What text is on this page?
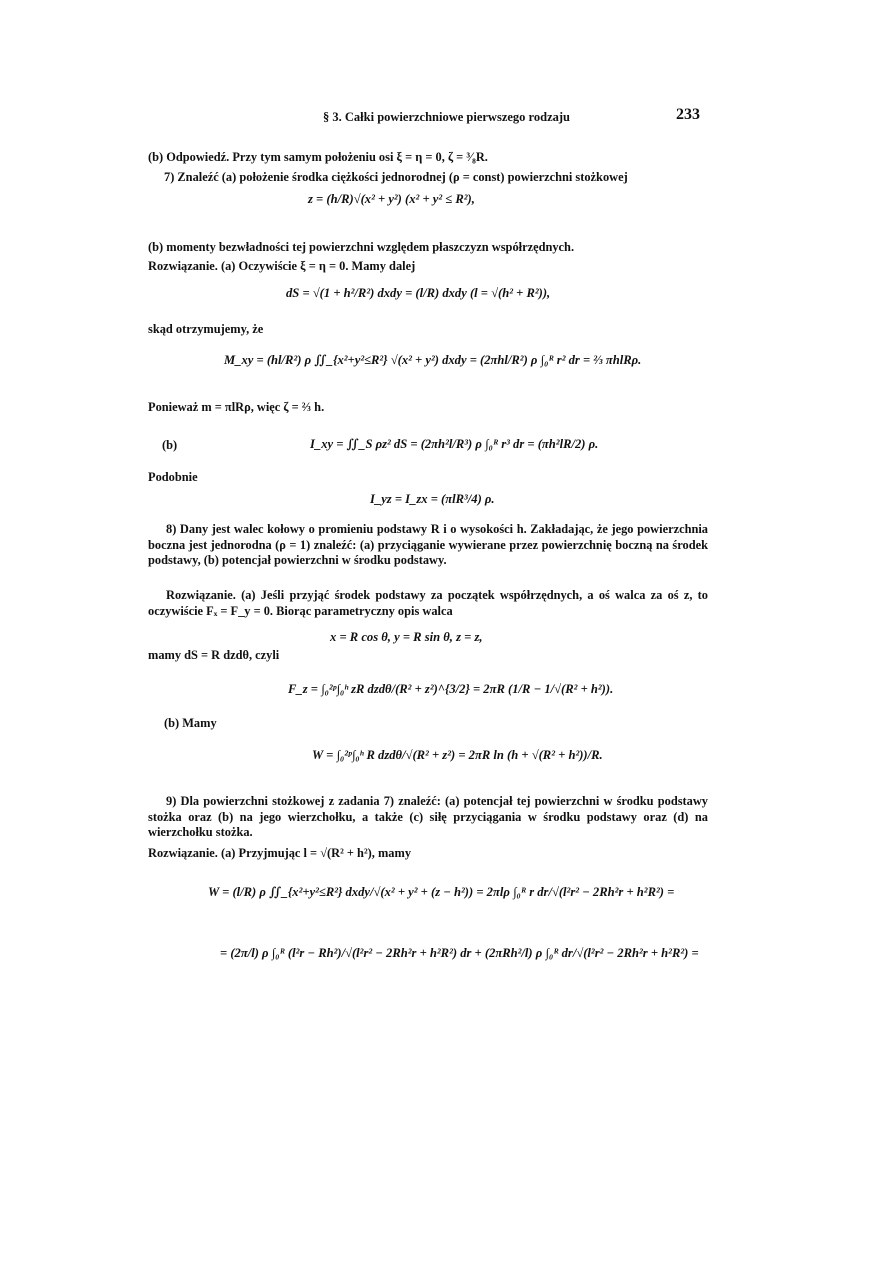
§ 3. Całki powierzchniowe pierwszego rodzaju	233
(b) Odpowiedź. Przy tym samym położeniu osi ξ = η = 0, ζ = ³⁄₈R.
7) Znaleźć (a) położenie środka ciężkości jednorodnej (ρ = const) powierzchni stożkowej
z = (h/R)√(x² + y²) (x² + y² ≤ R²),
(b) momenty bezwładności tej powierzchni względem płaszczyzn współrzędnych.
Rozwiązanie. (a) Oczywiście ξ = η = 0. Mamy dalej
dS = √(1 + h²/R²) dxdy = (l/R) dxdy (l = √(h² + R²)),
skąd otrzymujemy, że
M_xy = (hl/R²) ρ ∬_{x²+y²≤R²} √(x² + y²) dxdy = (2πhl/R²) ρ ∫₀ᴿ r² dr = ⅔ πhlRρ.
Ponieważ m = πlRρ, więc ζ = ⅔ h.
(b)	I_xy = ∬_S ρz² dS = (2πh²l/R³) ρ ∫₀ᴿ r³ dr = (πh²lR/2) ρ.
Podobnie
I_yz = I_zx = (πlR³/4) ρ.
8) Dany jest walec kołowy o promieniu podstawy R i o wysokości h. Zakładając, że jego powierzchnia boczna jest jednorodna (ρ = 1) znaleźć: (a) przyciąganie wywierane przez powierzchnię boczną na środek podstawy, (b) potencjał powierzchni w środku podstawy.
Rozwiązanie. (a) Jeśli przyjąć środek podstawy za początek współrzędnych, a oś walca za oś z, to oczywiście Fₓ = F_y = 0. Biorąc parametryczny opis walca
x = R cos θ, y = R sin θ, z = z,
mamy dS = R dzdθ, czyli
F_z = ∫₀²ᵖ∫₀ʰ zR dzdθ/(R² + z²)^{3/2} = 2πR (1/R − 1/√(R² + h²)).
(b) Mamy
W = ∫₀²ᵖ∫₀ʰ R dzdθ/√(R² + z²) = 2πR ln (h + √(R² + h²))/R.
9) Dla powierzchni stożkowej z zadania 7) znaleźć: (a) potencjał tej powierzchni w środku podstawy stożka oraz (b) na jego wierzchołku, a także (c) siłę przyciągania w środku podstawy oraz (d) na wierzchołku stożka.
Rozwiązanie. (a) Przyjmując l = √(R² + h²), mamy
W = (l/R) ρ ∬_{x²+y²≤R²} dxdy/√(x² + y² + (z − h²)) = 2πlρ ∫₀ᴿ r dr/√(l²r² − 2Rh²r + h²R²) =
= (2π/l) ρ ∫₀ᴿ (l²r − Rh²)/√(l²r² − 2Rh²r + h²R²) dr + (2πRh²/l) ρ ∫₀ᴿ dr/√(l²r² − 2Rh²r + h²R²) =
